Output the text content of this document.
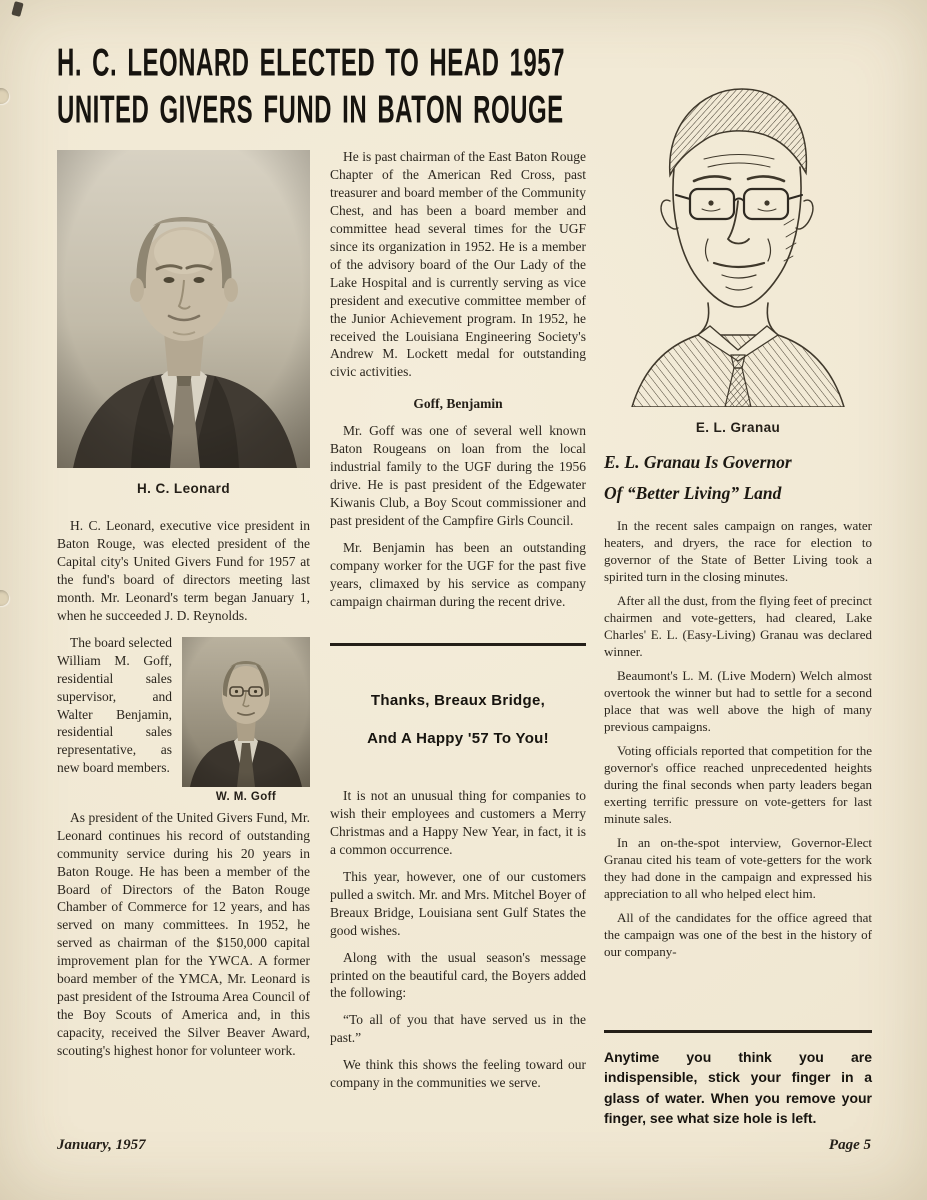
H. C. LEONARD ELECTED TO HEAD 1957
UNITED GIVERS FUND IN BATON ROUGE
H. C. Leonard

H. C. Leonard, executive vice president in Baton Rouge, was elected president of the Capital city's United Givers Fund for 1957 at the fund's board of directors meeting last month. Mr. Leonard's term began January 1, when he succeeded J. D. Reynolds.

W. M. Goff

The board selected William M. Goff, residential sales supervisor, and Walter Benjamin, residential sales representative, as new board members.

As president of the United Givers Fund, Mr. Leonard continues his record of outstanding community service during his 20 years in Baton Rouge. He has been a member of the Board of Directors of the Baton Rouge Chamber of Commerce for 12 years, and has served on many committees. In 1952, he served as chairman of the $150,000 capital improvement plan for the YWCA. A former board member of the YMCA, Mr. Leonard is past president of the Istrouma Area Council of the Boy Scouts of America and, in this capacity, received the Silver Beaver Award, scouting's highest honor for volunteer work.

He is past chairman of the East Baton Rouge Chapter of the American Red Cross, past treasurer and board member of the Community Chest, and has been a board member and committee head several times for the UGF since its organization in 1952. He is a member of the advisory board of the Our Lady of the Lake Hospital and is currently serving as vice president and executive committee member of the Junior Achievement program. In 1952, he received the Louisiana Engineering Society's Andrew M. Lockett medal for outstanding civic activities.

Goff, Benjamin

Mr. Goff was one of several well known Baton Rougeans on loan from the local industrial family to the UGF during the 1956 drive. He is past president of the Edgewater Kiwanis Club, a Boy Scout commissioner and past president of the Campfire Girls Council.

Mr. Benjamin has been an outstanding company worker for the UGF for the past five years, climaxed by his service as company campaign chairman during the recent drive.

Thanks, Breaux Bridge,
And A Happy '57 To You!

It is not an unusual thing for companies to wish their employees and customers a Merry Christmas and a Happy New Year, in fact, it is a common occurrence.

This year, however, one of our customers pulled a switch. Mr. and Mrs. Mitchel Boyer of Breaux Bridge, Louisiana sent Gulf States the good wishes.

Along with the usual season's message printed on the beautiful card, the Boyers added the following:

“To all of you that have served us in the past.”

We think this shows the feeling toward our company in the communities we serve.

E. L. Granau
E. L. Granau Is Governor
Of “Better Living” Land

In the recent sales campaign on ranges, water heaters, and dryers, the race for election to governor of the State of Better Living took a spirited turn in the closing minutes.

After all the dust, from the flying feet of precinct chairmen and vote-getters, had cleared, Lake Charles' E. L. (Easy-Living) Granau was declared winner.

Beaumont's L. M. (Live Modern) Welch almost overtook the winner but had to settle for a second place that was well above the high of many previous campaigns.

Voting officials reported that competition for the governor's office reached unprecedented heights during the final seconds when party leaders began exerting terrific pressure on vote-getters for last minute sales.

In an on-the-spot interview, Governor-Elect Granau cited his team of vote-getters for the work they had done in the campaign and expressed his appreciation to all who helped elect him.

All of the candidates for the office agreed that the campaign was one of the best in the history of our company-

Anytime you think you are indispensible, stick your finger in a glass of water. When you remove your finger, see what size hole is left.

January, 1957	Page 5
